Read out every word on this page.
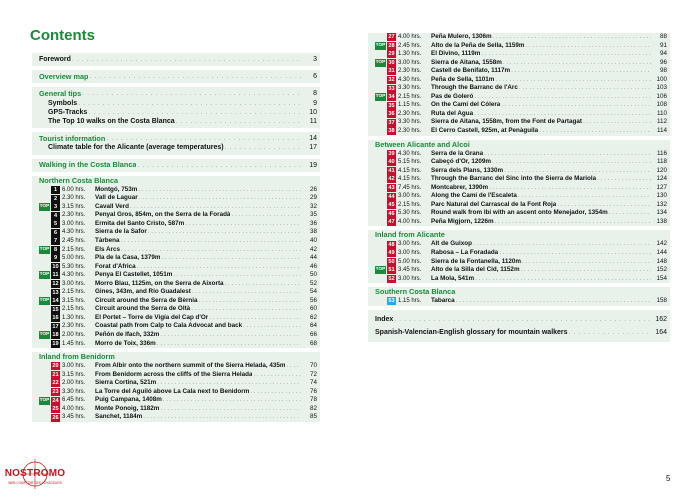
Contents
Foreword . . .	3
Overview map . . .	6
General tips . . .	8
Symbols . . .	9
GPS-Tracks . . .	10
The Top 10 walks on the Costa Blanca . . .	11
Tourist information . . .	14
Climate table for the Alicante (average temperatures) . . .	17
Walking in the Costa Blanca . . .	19
Northern Costa Blanca
1 6.00 hrs.	Montgó, 753m . . .	26
2 2.30 hrs.	Vall de Laguar . . .	29
TOP 3 3.15 hrs.	Cavall Verd . . .	32
4 2.30 hrs.	Penyal Gros, 854m, on the Serra de la Foradà . . .	35
5 3.00 hrs.	Ermita del Santo Cristo, 587m . . .	36
6 4.30 hrs.	Sierra de la Safor . . .	38
7 2.45 hrs.	Tàrbena . . .	40
TOP 8 2.15 hrs.	Els Arcs . . .	42
9 5.00 hrs.	Pla de la Casa, 1379m . . .	44
10 5.30 hrs.	Forat d'Àfrica . . .	46
TOP 11 4.30 hrs.	Penya El Castellet, 1051m . . .	50
12 3.00 hrs.	Morro Blau, 1125m, on the Serra de Aixorta . . .	52
13 2.15 hrs.	Gines, 343m, and Río Guadalest . . .	54
TOP 14 3.15 hrs.	Circuit around the Serra de Bèrnia . . .	56
15 2.15 hrs.	Circuit around the Serra de Oltà . . .	60
16 1.30 hrs.	El Portet – Torre de Vigía del Cap d'Or . . .	62
17 2.30 hrs.	Coastal path from Calp to Cala Advocat and back . . .	64
TOP 18 2.00 hrs.	Peñón de Ifach, 332m . . .	66
19 1.45 hrs.	Morro de Toix, 336m . . .	68
Inland from Benidorm
20 3.00 hrs.	From Albir onto the northern summit of the Sierra Helada, 435m . . .	70
21 3.15 hrs.	From Benidorm across the cliffs of the Sierra Helada . . .	72
22 2.00 hrs.	Sierra Cortina, 521m . . .	74
23 3.30 hrs.	La Torre del Aguiló above La Cala next to Benidorm . . .	76
TOP 24 6.45 hrs.	Puig Campana, 1408m . . .	78
25 4.00 hrs.	Monte Ponoig, 1182m . . .	82
26 3.45 hrs.	Sanchet, 1184m . . .	85
27 4.00 hrs.	Peña Mulero, 1306m . . .	88
TOP 28 2.45 hrs.	Alto de la Peña de Sella, 1159m . . .	91
29 1.30 hrs.	El Divino, 1119m . . .	94
TOP 30 3.00 hrs.	Sierra de Aitana, 1558m . . .	96
31 2.30 hrs.	Castell de Benifato, 1117m . . .	98
32 4.30 hrs.	Peña de Sella, 1101m . . .	100
33 3.30 hrs.	Through the Barranc de l'Arc . . .	103
TOP 34 2.15 hrs.	Pas de Goleró . . .	106
35 1.15 hrs.	On the Camí del Cólera . . .	108
36 2.30 hrs.	Ruta del Agua . . .	110
37 3.30 hrs.	Sierra de Aitana, 1558m, from the Font de Partagat . . .	112
38 2.30 hrs.	El Cerro Castell, 925m, at Penàguila . . .	114
Between Alicante and Alcoi
39 4.30 hrs.	Serra de la Grana . . .	116
40 5.15 hrs.	Cabeçó d'Or, 1209m . . .	118
41 4.15 hrs.	Serra dels Plans, 1330m . . .	120
42 4.15 hrs.	Through the Barranc del Sinc into the Sierra de Mariola . . .	124
43 7.45 hrs.	Montcabrer, 1390m . . .	127
44 3.00 hrs.	Along the Camí de l'Escaleta . . .	130
45 2.15 hrs.	Parc Natural del Carrascal de la Font Roja . . .	132
46 5.30 hrs.	Round walk from Ibi with an ascent onto Menejador, 1354m . . .	134
47 4.00 hrs.	Peña Migjorn, 1226m . . .	138
Inland from Alicante
48 3.00 hrs.	Alt de Guixop . . .	142
49 3.00 hrs.	Rabosa – La Foradada . . .	144
50 5.00 hrs.	Sierra de la Fontanella, 1120m . . .	148
TOP 51 3.45 hrs.	Alto de la Silla del Cid, 1152m . . .	152
52 3.00 hrs.	La Mola, 541m . . .	154
Southern Costa Blanca
53 1.15 hrs.	Tabarca . . .	158
Index . . .	162
Spanish-Valencian-English glossary for mountain walkers . . .	164
5
NOSTROMO
WEB COMPTOIR DES VOYAGEURS
